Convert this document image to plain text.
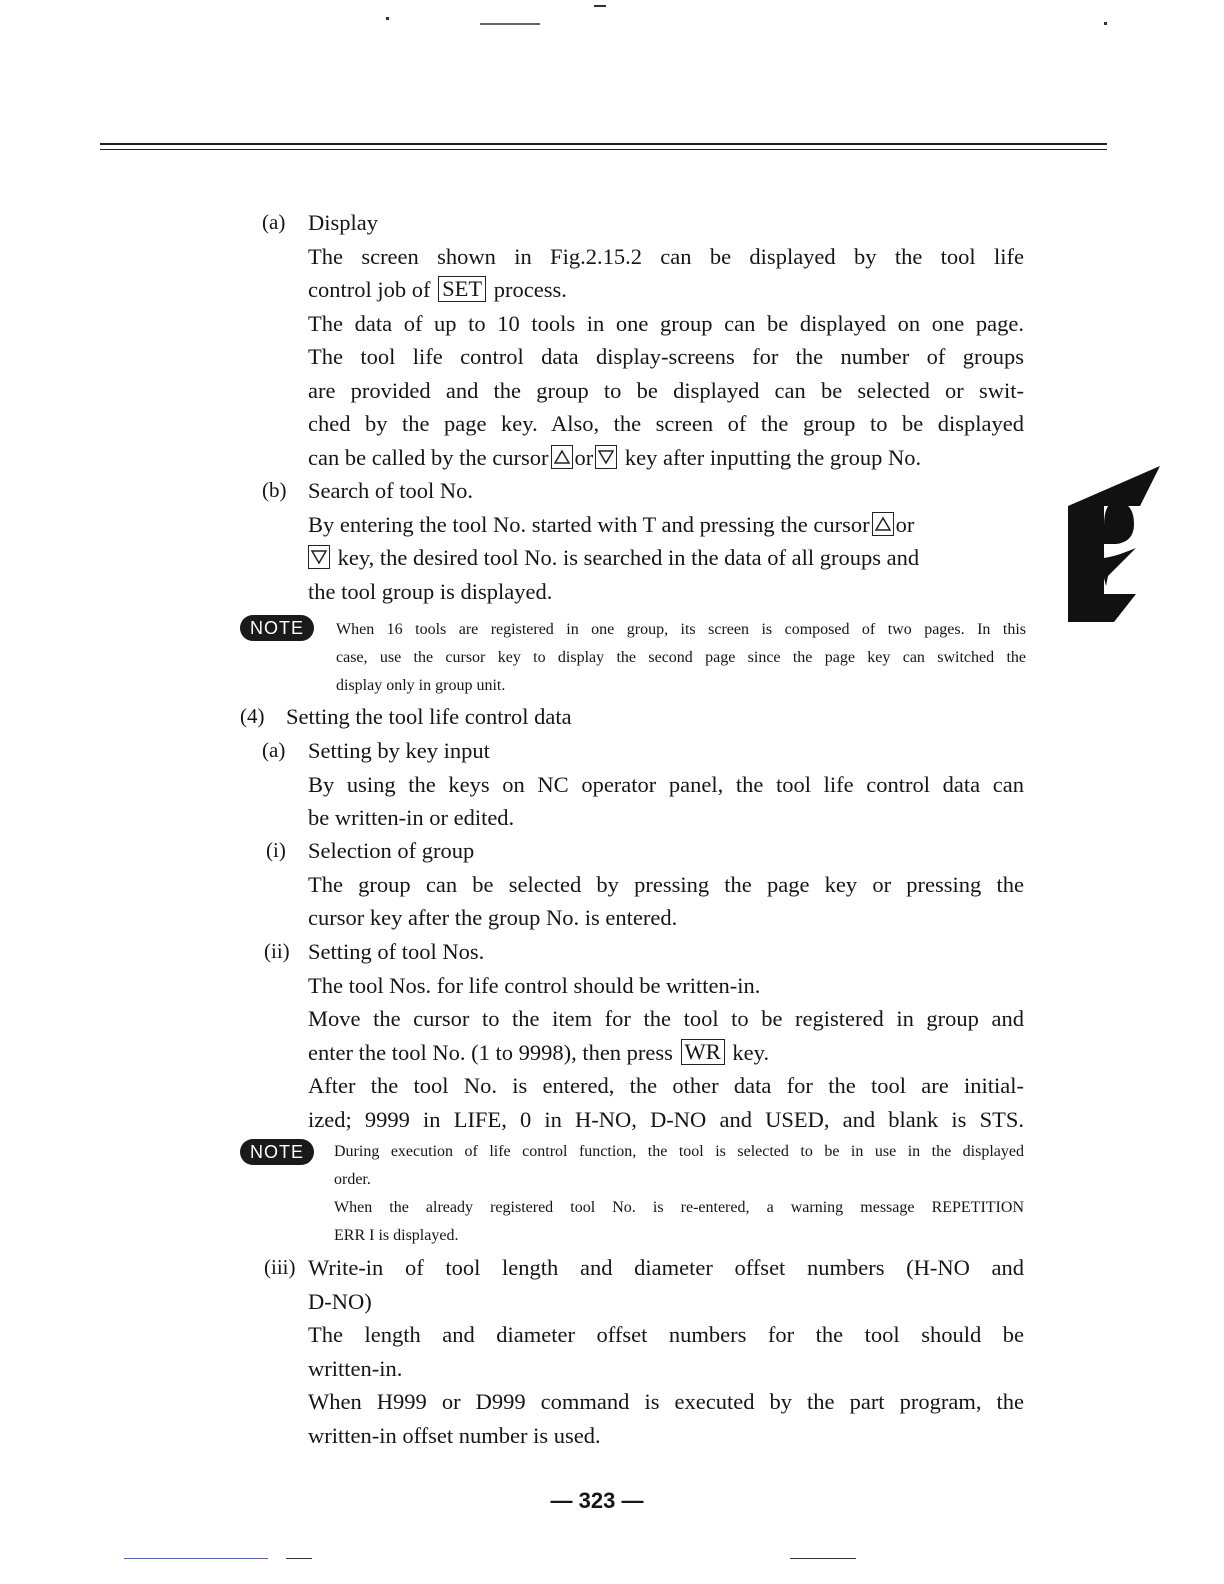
(a) Display
The screen shown in Fig.2.15.2 can be displayed by the tool life
control job of SET process.
The data of up to 10 tools in one group can be displayed on one page.
The tool life control data display-screens for the number of groups
are provided and the group to be displayed can be selected or swit-
ched by the page key. Also, the screen of the group to be displayed
can be called by the cursor or key after inputting the group No.
(b) Search of tool No.
By entering the tool No. started with T and pressing the cursor or
key, the desired tool No. is searched in the data of all groups and
the tool group is displayed.
NOTE	When 16 tools are registered in one group, its screen is composed of two pages. In this
case, use the cursor key to display the second page since the page key can switched the
display only in group unit.
(4) Setting the tool life control data
(a) Setting by key input
By using the keys on NC operator panel, the tool life control data can
be written-in or edited.
(i) Selection of group
The group can be selected by pressing the page key or pressing the
cursor key after the group No. is entered.
(ii) Setting of tool Nos.
The tool Nos. for life control should be written-in.
Move the cursor to the item for the tool to be registered in group and
enter the tool No. (1 to 9998), then press WR key.
After the tool No. is entered, the other data for the tool are initial-
ized; 9999 in LIFE, 0 in H-NO, D-NO and USED, and blank is STS.
NOTE	During execution of life control function, the tool is selected to be in use in the displayed
order.
When the already registered tool No. is re-entered, a warning message REPETITION
ERR I is displayed.
(iii) Write-in of tool length and diameter offset numbers (H-NO and
D-NO)
The length and diameter offset numbers for the tool should be
written-in.
When H999 or D999 command is executed by the part program, the
written-in offset number is used.
— 323 —
